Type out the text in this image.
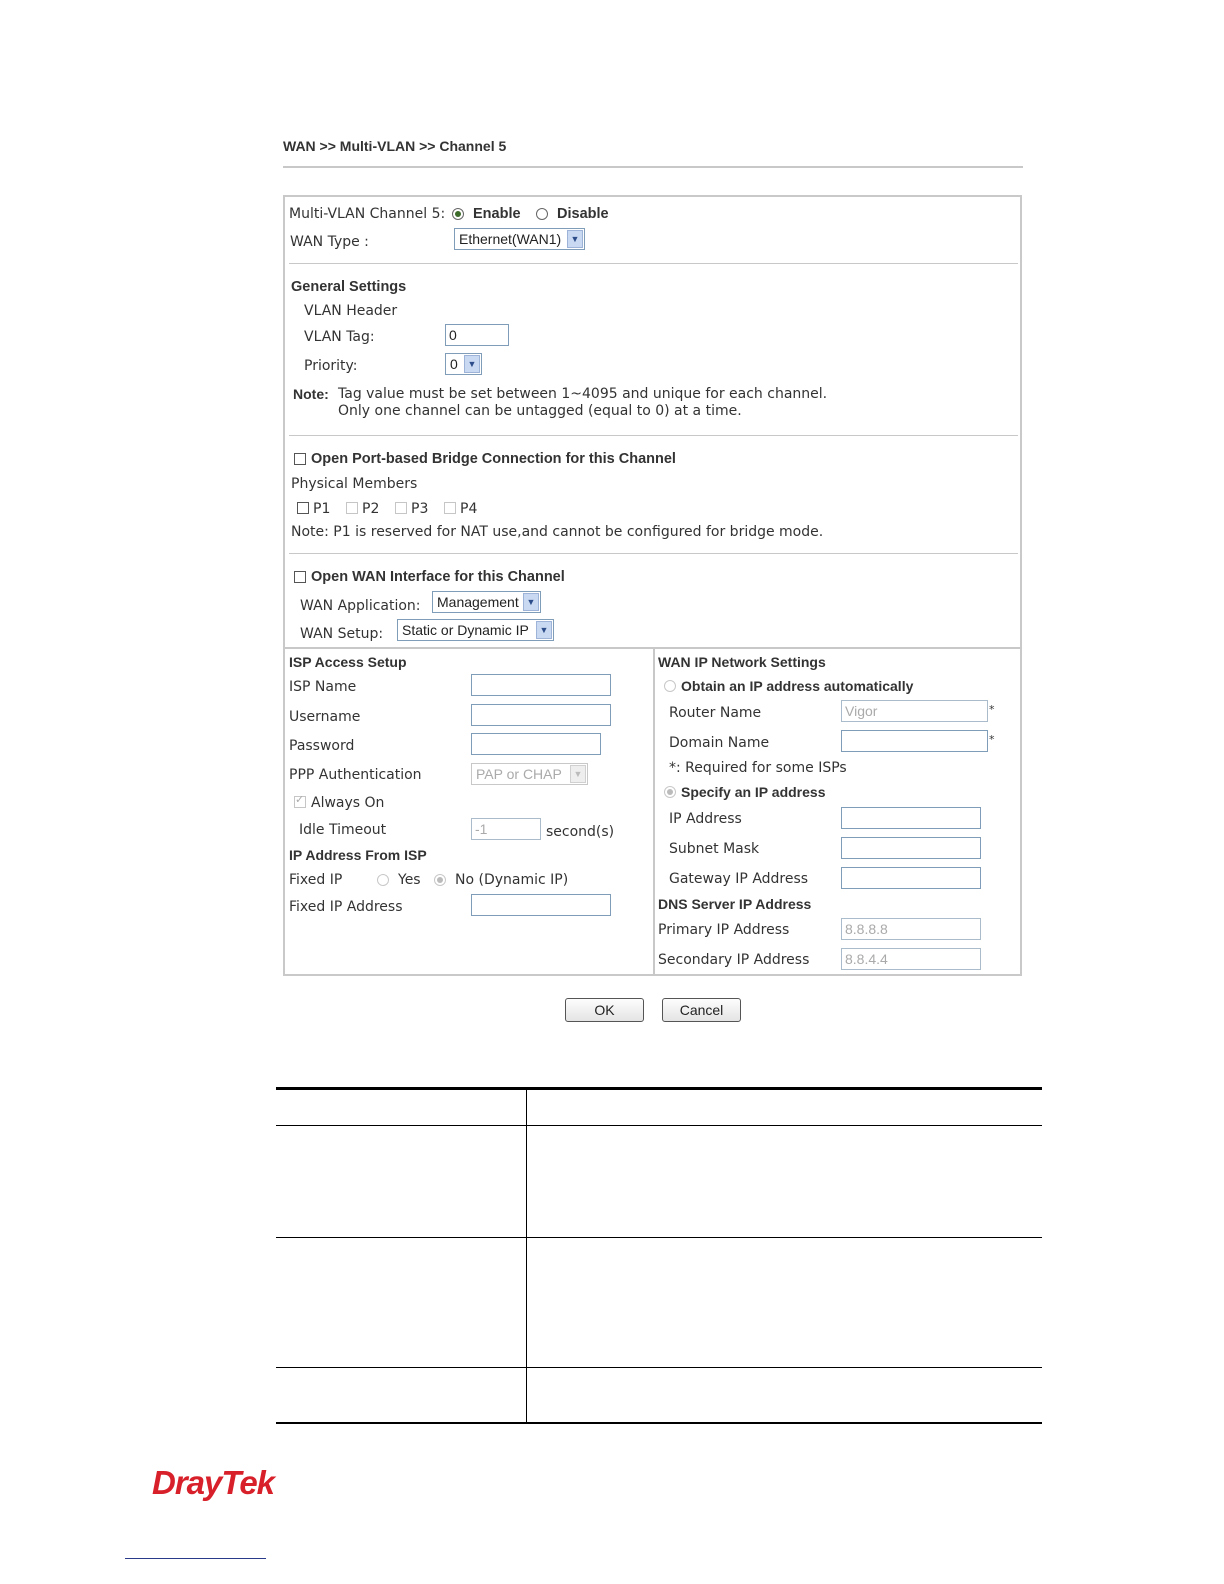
WAN >> Multi-VLAN >> Channel 5
Multi-VLAN Channel 5: Enable	Disable
WAN Type :	Ethernet(WAN1)	▼
General Settings
VLAN Header
VLAN Tag:	0
Priority:	0	▼
Note: Tag value must be set between 1~4095 and unique for each channel.
Only one channel can be untagged (equal to 0) at a time.
Open Port-based Bridge Connection for this Channel
Physical Members
P1 P2 P3 P4
Note: P1 is reserved for NAT use,and cannot be configured for bridge mode.
Open WAN Interface for this Channel
WAN Application:	Management ▼
WAN Setup:	Static or Dynamic IP	▼
ISP Access Setup
ISP Name
Username
Password
PPP Authentication	PAP or CHAP	▼
✓
Always On
Idle Timeout	-1	second(s)
IP Address From ISP
Fixed IP	Yes No (Dynamic IP)
Fixed IP Address
WAN IP Network Settings
Obtain an IP address automatically
Router Name	Vigor	*
Domain Name	*
*: Required for some ISPs
Specify an IP address
IP Address
Subnet Mask
Gateway IP Address
DNS Server IP Address
Primary IP Address	8.8.8.8
Secondary IP Address	8.8.4.4
OK	Cancel
DrayTek
